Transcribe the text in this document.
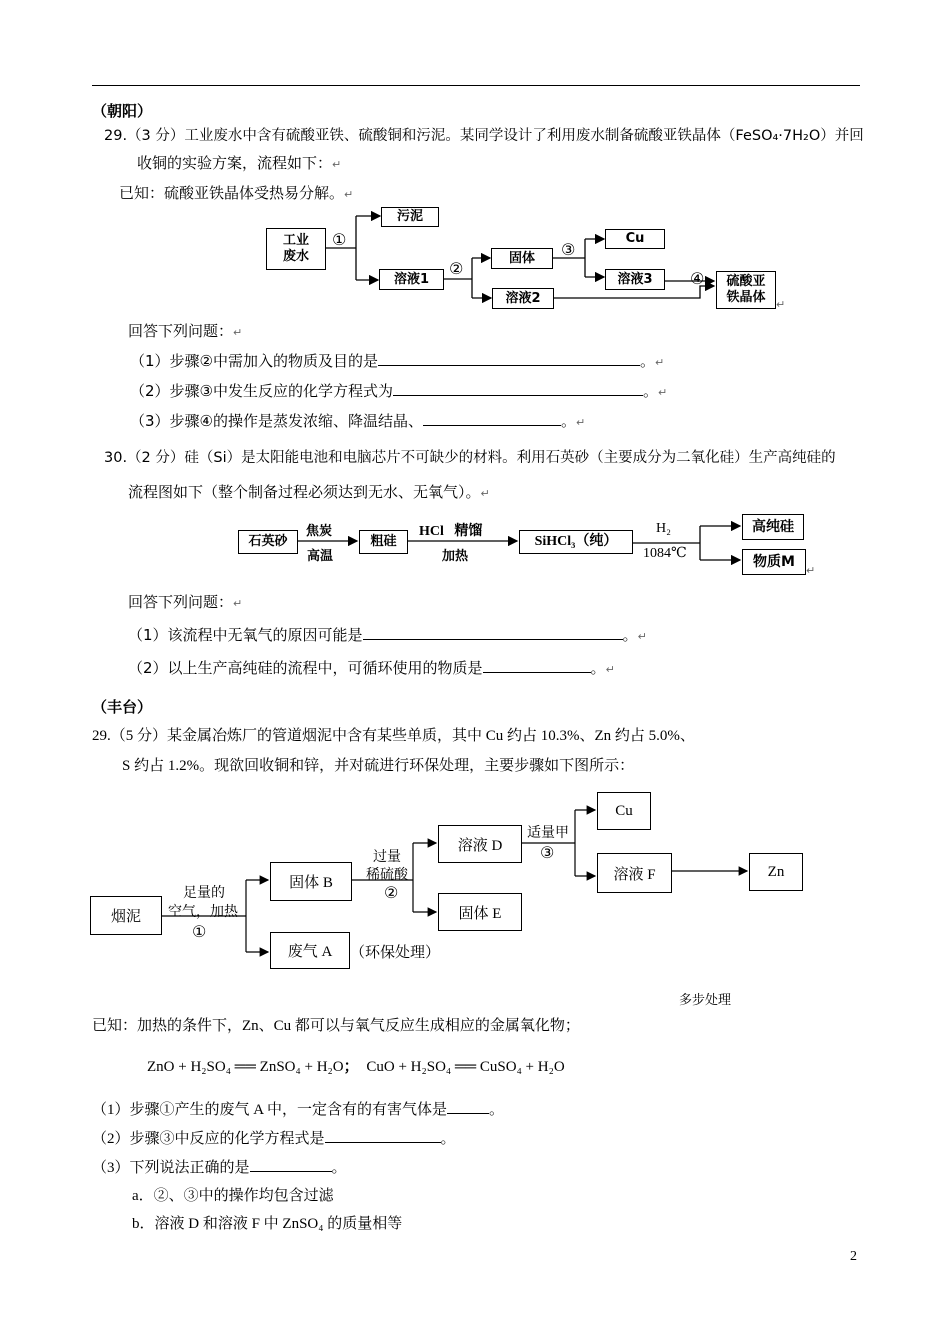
（朝阳）
29.（3 分）工业废水中含有硫酸亚铁、硫酸铜和污泥。某同学设计了利用废水制备硫酸亚铁晶体（FeSO₄·7H₂O）并回
收铜的实验方案，流程如下：↵
已知：硫酸亚铁晶体受热易分解。↵
工业
废水
①
污泥
溶液1
②
固体
溶液2
③
Cu
溶液3	④	硫酸亚
铁晶体 ↵
回答下列问题：↵
（1）步骤②中需加入的物质及目的是	。↵
（2）步骤③中发生反应的化学方程式为	。↵
（3）步骤④的操作是蒸发浓缩、降温结晶、	。↵
30.（2 分）硅（Si）是太阳能电池和电脑芯片不可缺少的材料。利用石英砂（主要成分为二氧化硅）生产高纯硅的
流程图如下（整个制备过程必须达到无水、无氧气）。↵
石英砂
焦炭
高温
粗硅
HCl   精馏
加热
SiHCl₃（纯）
H₂
1084℃
高纯硅
物质M
↵
回答下列问题：↵
（1）该流程中无氧气的原因可能是	。↵
（2）以上生产高纯硅的流程中，可循环使用的物质是	。↵
（丰台）
29.（5 分）某金属冶炼厂的管道烟泥中含有某些单质，其中 Cu 约占 10.3%、Zn 约占 5.0%、
S 约占 1.2%。现欲回收铜和锌，并对硫进行环保处理，主要步骤如下图所示：
烟泥
足量的
空气，加热
①
固体 B
废气 A	（环保处理）
过量
稀硫酸
②
溶液 D
固体 E
适量甲
③
Cu
溶液 F	Zn
多步处理
已知：加热的条件下，Zn、Cu 都可以与氧气反应生成相应的金属氧化物；
ZnO + H₂SO₄ ══ ZnSO₄ + H₂O； CuO + H₂SO₄ ══ CuSO₄ + H₂O
（1）步骤①产生的废气 A 中，一定含有的有害气体是	。
（2）步骤③中反应的化学方程式是	。
（3）下列说法正确的是	。
a．②、③中的操作均包含过滤
b．溶液 D 和溶液 F 中 ZnSO₄ 的质量相等
2
